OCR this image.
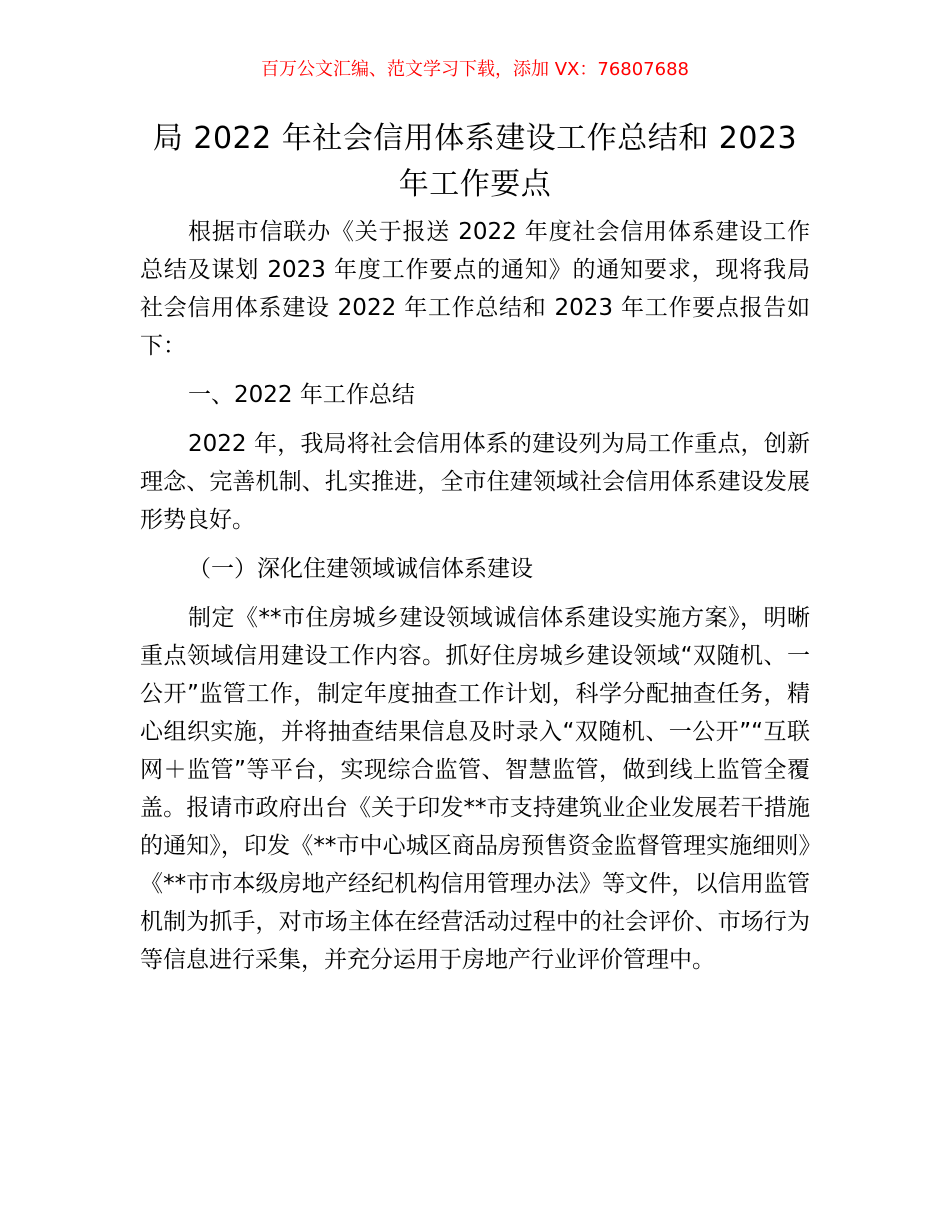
百万公文汇编、范文学习下载，添加 VX：76807688
局 2022 年社会信用体系建设工作总结和 2023 年工作要点

根据市信联办《关于报送 2022 年度社会信用体系建设工作总结及谋划 2023 年度工作要点的通知》的通知要求，现将我局社会信用体系建设 2022 年工作总结和 2023 年工作要点报告如下：

一、2022 年工作总结

2022 年，我局将社会信用体系的建设列为局工作重点，创新理念、完善机制、扎实推进，全市住建领域社会信用体系建设发展形势良好。

（一）深化住建领域诚信体系建设

制定《**市住房城乡建设领域诚信体系建设实施方案》，明晰重点领域信用建设工作内容。抓好住房城乡建设领域“双随机、一公开”监管工作，制定年度抽查工作计划，科学分配抽查任务，精心组织实施，并将抽查结果信息及时录入“双随机、一公开”“互联网＋监管”等平台，实现综合监管、智慧监管，做到线上监管全覆盖。报请市政府出台《关于印发**市支持建筑业企业发展若干措施的通知》，印发《**市中心城区商品房预售资金监督管理实施细则》《**市市本级房地产经纪机构信用管理办法》等文件，以信用监管机制为抓手，对市场主体在经营活动过程中的社会评价、市场行为等信息进行采集，并充分运用于房地产行业评价管理中。
